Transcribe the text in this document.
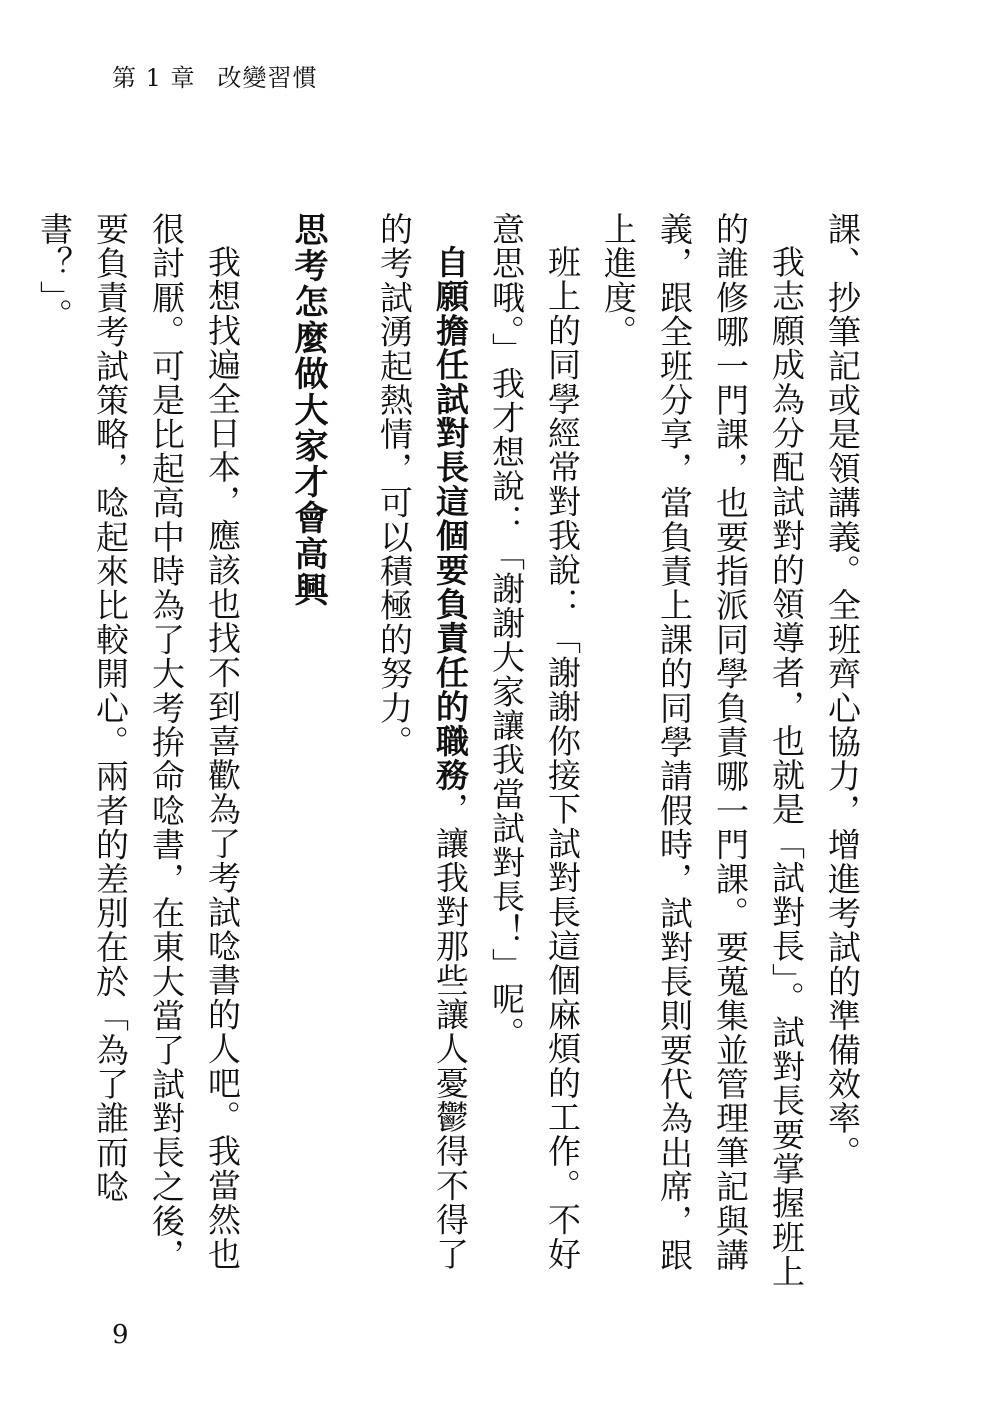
第 1 章 改變習慣

課、抄筆記或是領講義。全班齊心協力，增進考試的準備效率。

我志願成為分配試對的領導者，也就是「試對長」。試對長要掌握班上的誰修哪一門課，也要指派同學負責哪一門課。要蒐集並管理筆記與講義，跟全班分享，當負責上課的同學請假時，試對長則要代為出席，跟上進度。

班上的同學經常對我說：「謝謝你接下試對長這個麻煩的工作。不好意思哦。」我才想說：「謝謝大家讓我當試對長！」呢。

自願擔任試對長這個要負責任的職務，讓我對那些讓人憂鬱得不得了的考試湧起熱情，可以積極的努力。

思考怎麼做大家才會高興

我想找遍全日本，應該也找不到喜歡為了考試唸書的人吧。我當然也很討厭。可是比起高中時為了大考拚命唸書，在東大當了試對長之後，要負責考試策略，唸起來比較開心。兩者的差別在於「為了誰而唸書？」。

9
